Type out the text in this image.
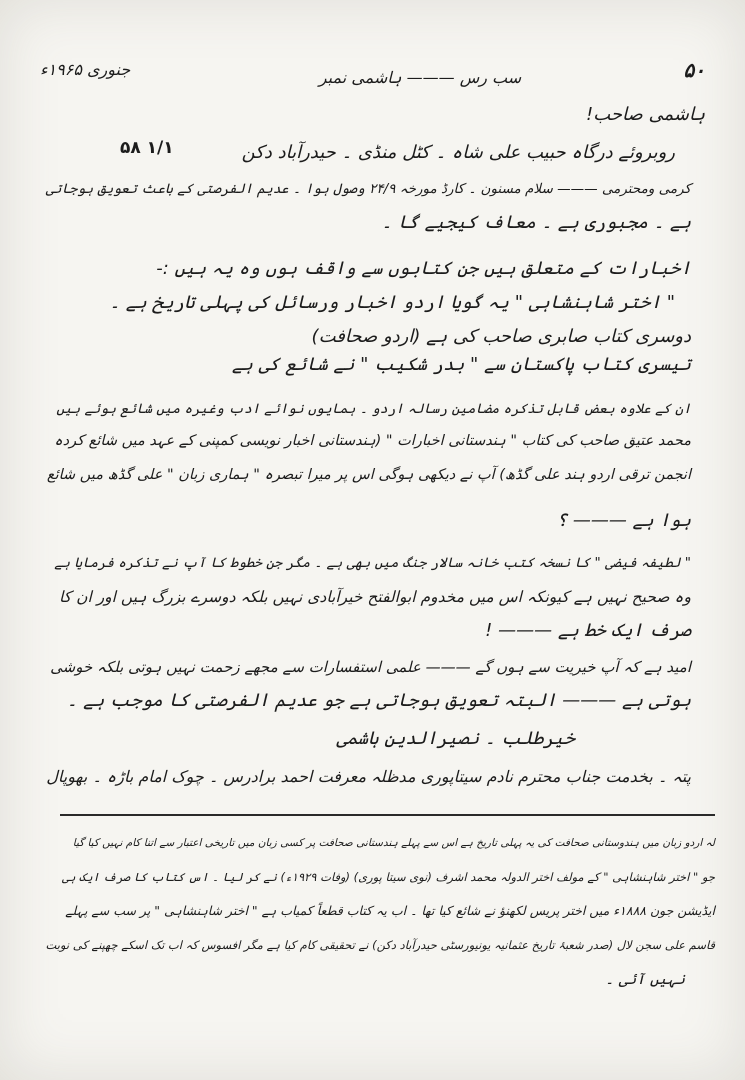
۵۰
سب رس ——— ہاشمی نمبر
جنوری ۱۹۶۵ء
۵۸ ۱/۱
ہاشمی صاحب!
روبروئے درگاہ حبیب علی شاہ ۔ کٹل منڈی ۔ حیدرآباد دکن
کرمی ومحترمی ——— سلام مسنون ۔ کارڈ مورخہ ۲۴/۹ وصول ہوا ۔ عدیم الفرصتی کے باعث تعویق ہوجاتی
ہے ۔ مجبوری ہے ۔ معاف کیجیے گا ۔
اخبارات کے متعلق ہیں جن کتابوں سے واقف ہوں وہ یہ ہیں :-
" اختر شاہنشاہی " یہ گویا اردو اخبار ورسائل کی پہلی تاریخ ہے ۔
دوسری کتاب صابری صاحب کی ہے (اردو صحافت)
تیسری کتاب پاکستان سے " بدر شکیب " نے شائع کی ہے
ان کے علاوہ بعض قابل تذکرہ مضامین رسالہ اردو ۔ ہمایوں نوائے ادب وغیرہ میں شائع ہوئے ہیں
محمد عتیق صاحب کی کتاب " ہندستانی اخبارات " (ہندستانی اخبار نویسی کمپنی کے عہد میں شائع کردہ
انجمن ترقی اردو ہند علی گڈھ) آپ نے دیکھی ہوگی اس پر میرا تبصرہ " ہماری زبان " علی گڈھ میں شائع
ہوا ہے ——— ؟
" لطیفہ فیضی " کا نسخہ کتب خانہ سالار جنگ میں بھی ہے ۔ مگر جن خطوط کا آپ نے تذکرہ فرمایا ہے
وہ صحیح نہیں ہے کیونکہ اس میں مخدوم ابوالفتح خیرآبادی نہیں بلکہ دوسرے بزرگ ہیں اور ان کا
صرف ایک خط ہے ——— !
امید ہے کہ آپ خیریت سے ہوں گے ——— علمی استفسارات سے مجھے زحمت نہیں ہوتی بلکہ خوشی
ہوتی ہے ——— البتہ تعویق ہوجاتی ہے جو عدیم الفرصتی کا موجب ہے ۔
خیرطلب ۔ نصیرالدین ہاشمی
پتہ ۔ بخدمت جناب محترم نادم سیتاپوری مدظلہ معرفت احمد برادرس ۔ چوک امام باڑہ ۔ بھوپال
لہ اردو زبان میں ہندوستانی صحافت کی یہ پہلی تاریخ ہے اس سے پہلے ہندستانی صحافت پر کسی زبان میں تاریخی اعتبار سے اتنا کام نہیں کیا گیا
جو " اختر شاہنشاہی " کے مولف اختر الدولہ محمد اشرف (نوی سیتا پوری) (وفات ۱۹۲۹ء) نے کر لیا ۔ اس کتاب کا صرف ایک ہی
ایڈیشن جون ۱۸۸۸ء میں اختر پریس لکھنؤ نے شائع کیا تھا ۔ اب یہ کتاب قطعاً کمیاب ہے " اختر شاہنشاہی " پر سب سے پہلے
قاسم علی سجن لال (صدر شعبۂ تاریخ عثمانیہ یونیورسٹی حیدرآباد دکن) نے تحقیقی کام کیا ہے مگر افسوس کہ اب تک اسکے چھپنے کی نوبت
نہیں آئی ۔
